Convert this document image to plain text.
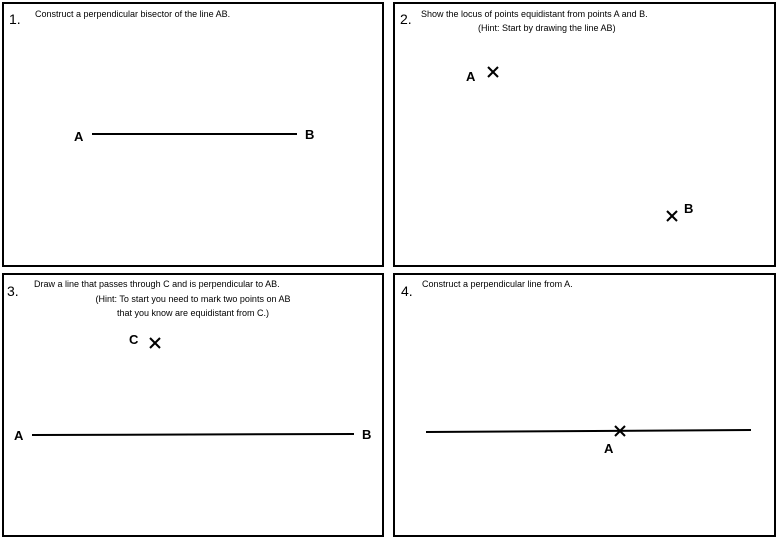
1. Construct a perpendicular bisector of the line AB.
A	B
2. Show the locus of points equidistant from points A and B.
(Hint: Start by drawing the line AB)
A
B
3. Draw a line that passes through C and is perpendicular to AB.
(Hint: To start you need to mark two points on AB
that you know are equidistant from C.)
C
A	B
4. Construct a perpendicular line from A.
A
